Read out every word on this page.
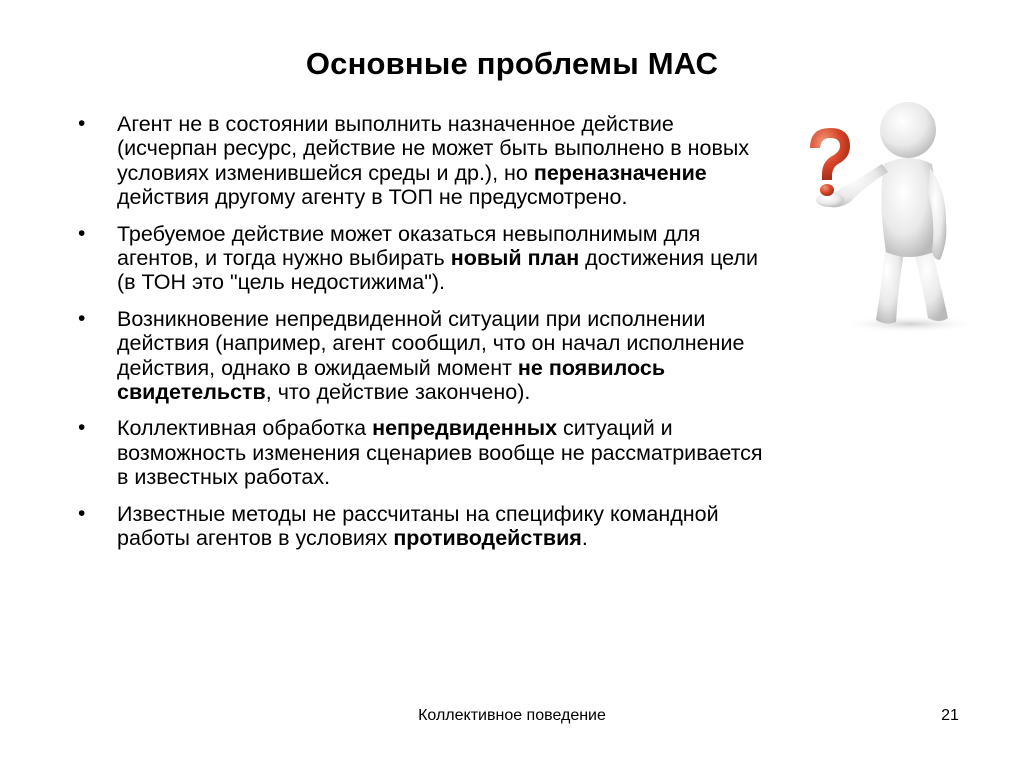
Основные проблемы МАС
• Агент не в состоянии выполнить назначенное действие (исчерпан ресурс, действие не может быть выполнено в новых условиях изменившейся среды и др.), но переназначение действия другому агенту в ТОП не предусмотрено.
• Требуемое действие может оказаться невыполнимым для агентов, и тогда нужно выбирать новый план достижения цели (в ТОН это "цель недостижима").
• Возникновение непредвиденной ситуации при исполнении действия (например, агент сообщил, что он начал исполнение действия, однако в ожидаемый момент не появилось свидетельств, что действие закончено).
• Коллективная обработка непредвиденных ситуаций и возможность изменения сценариев вообще не рассматривается в известных работах.
• Известные методы не рассчитаны на специфику командной работы агентов в условиях противодействия.
Коллективное поведение	21
